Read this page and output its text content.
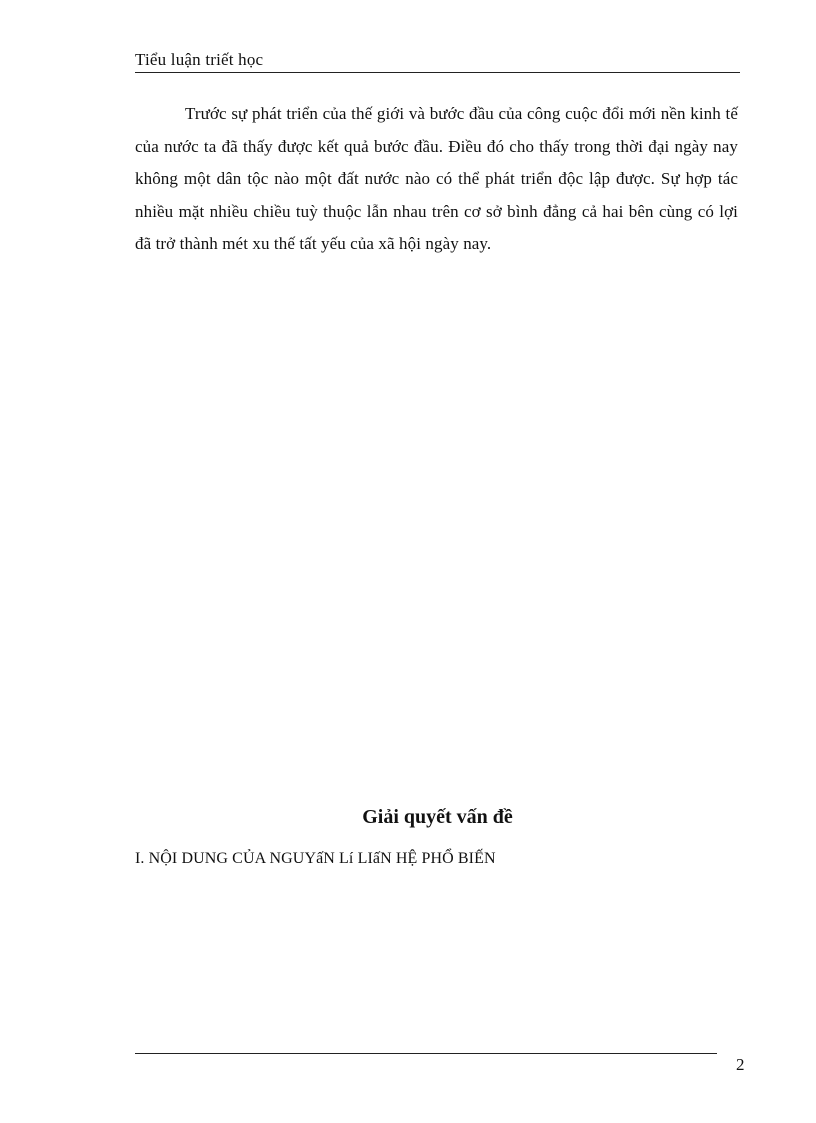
Tiểu luận triết học

Trước sự phát triển của thế giới và bước đầu của công cuộc đổi mới nền kinh tế của nước ta đã thấy được kết quả bước đầu. Điều đó cho thấy trong thời đại ngày nay không một dân tộc nào một đất nước nào có thể phát triển độc lập được. Sự hợp tác nhiều mặt nhiều chiều tuỳ thuộc lẫn nhau trên cơ sở bình đẳng cả hai bên cùng có lợi đã trở thành mét xu thế tất yếu của xã hội ngày nay.

Giải quyết vấn đề

I. NỘI DUNG CỦA NGUYấN Lí LIấN HỆ PHỔ BIẾN

2
